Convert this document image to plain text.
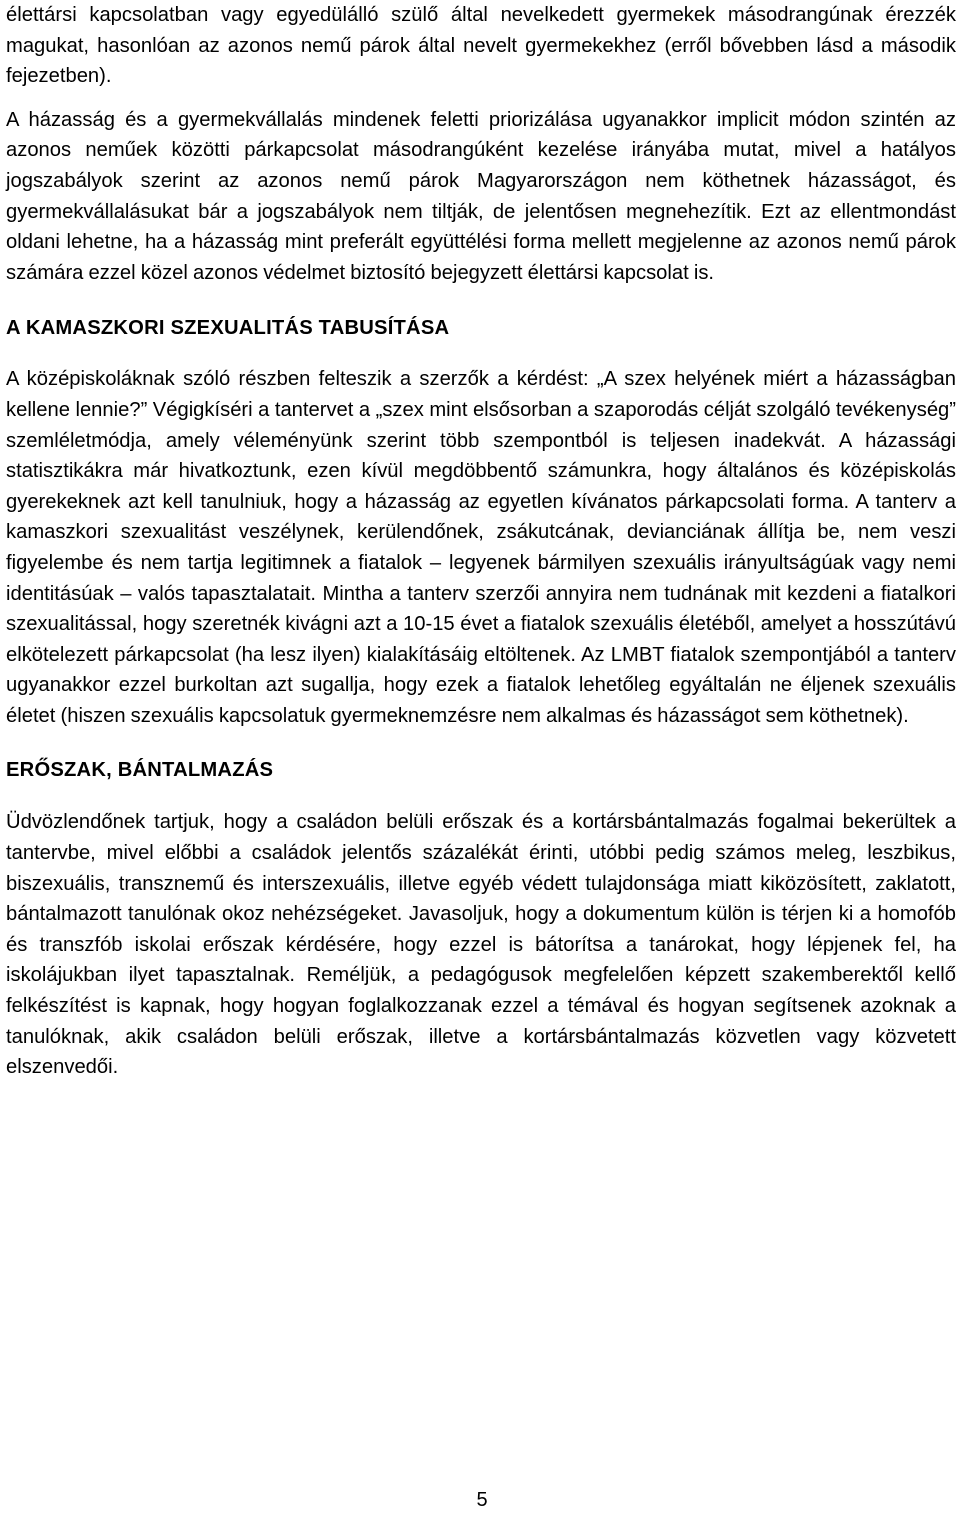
élettársi kapcsolatban vagy egyedülálló szülő által nevelkedett gyermekek másodrangúnak érezzék magukat, hasonlóan az azonos nemű párok által nevelt gyermekekhez (erről bővebben lásd a második fejezetben).

A házasság és a gyermekvállalás mindenek feletti priorizálása ugyanakkor implicit módon szintén az azonos neműek közötti párkapcsolat másodrangúként kezelése irányába mutat, mivel a hatályos jogszabályok szerint az azonos nemű párok Magyarországon nem köthetnek házasságot, és gyermekvállalásukat bár a jogszabályok nem tiltják, de jelentősen megnehezítik. Ezt az ellentmondást oldani lehetne, ha a házasság mint preferált együttélési forma mellett megjelenne az azonos nemű párok számára ezzel közel azonos védelmet biztosító bejegyzett élettársi kapcsolat is.

A KAMASZKORI SZEXUALITÁS TABUSÍTÁSA

A középiskoláknak szóló részben felteszik a szerzők a kérdést: „A szex helyének miért a házasságban kellene lennie?” Végigkíséri a tantervet a „szex mint elsősorban a szaporodás célját szolgáló tevékenység” szemléletmódja, amely véleményünk szerint több szempontból is teljesen inadekvát. A házassági statisztikákra már hivatkoztunk, ezen kívül megdöbbentő számunkra, hogy általános és középiskolás gyerekeknek azt kell tanulniuk, hogy a házasság az egyetlen kívánatos párkapcsolati forma. A tanterv a kamaszkori szexualitást veszélynek, kerülendőnek, zsákutcának, devianciának állítja be, nem veszi figyelembe és nem tartja legitimnek a fiatalok – legyenek bármilyen szexuális irányultságúak vagy nemi identitásúak – valós tapasztalatait. Mintha a tanterv szerzői annyira nem tudnának mit kezdeni a fiatalkori szexualitással, hogy szeretnék kivágni azt a 10-15 évet a fiatalok szexuális életéből, amelyet a hosszútávú elkötelezett párkapcsolat (ha lesz ilyen) kialakításáig eltöltenek. Az LMBT fiatalok szempontjából a tanterv ugyanakkor ezzel burkoltan azt sugallja, hogy ezek a fiatalok lehetőleg egyáltalán ne éljenek szexuális életet (hiszen szexuális kapcsolatuk gyermeknemzésre nem alkalmas és házasságot sem köthetnek).

ERŐSZAK, BÁNTALMAZÁS

Üdvözlendőnek tartjuk, hogy a családon belüli erőszak és a kortársbántalmazás fogalmai bekerültek a tantervbe, mivel előbbi a családok jelentős százalékát érinti, utóbbi pedig számos meleg, leszbikus, biszexuális, transznemű és interszexuális, illetve egyéb védett tulajdonsága miatt kiközösített, zaklatott, bántalmazott tanulónak okoz nehézségeket. Javasoljuk, hogy a dokumentum külön is térjen ki a homofób és transzfób iskolai erőszak kérdésére, hogy ezzel is bátorítsa a tanárokat, hogy lépjenek fel, ha iskolájukban ilyet tapasztalnak. Reméljük, a pedagógusok megfelelően képzett szakemberektől kellő felkészítést is kapnak, hogy hogyan foglalkozzanak ezzel a témával és hogyan segítsenek azoknak a tanulóknak, akik családon belüli erőszak, illetve a kortársbántalmazás közvetlen vagy közvetett elszenvedői.

5
